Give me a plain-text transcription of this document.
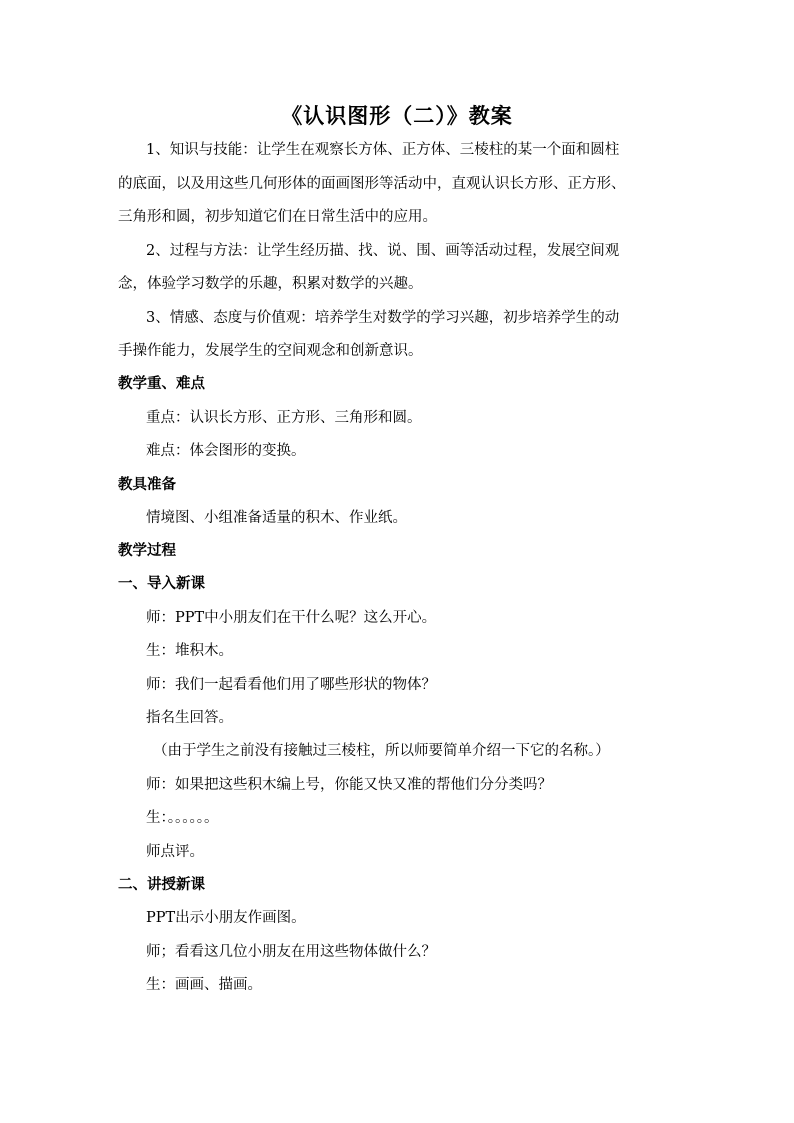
《认识图形（二）》教案
1、知识与技能：让学生在观察长方体、正方体、三棱柱的某一个面和圆柱
的底面，以及用这些几何形体的面画图形等活动中，直观认识长方形、正方形、
三角形和圆，初步知道它们在日常生活中的应用。
2、过程与方法：让学生经历描、找、说、围、画等活动过程，发展空间观
念，体验学习数学的乐趣，积累对数学的兴趣。
3、情感、态度与价值观：培养学生对数学的学习兴趣，初步培养学生的动
手操作能力，发展学生的空间观念和创新意识。
教学重、难点
重点：认识长方形、正方形、三角形和圆。
难点：体会图形的变换。
教具准备
情境图、小组准备适量的积木、作业纸。
教学过程
一、导入新课
师：PPT中小朋友们在干什么呢？这么开心。
生：堆积木。
师：我们一起看看他们用了哪些形状的物体？
指名生回答。
（由于学生之前没有接触过三棱柱，所以师要简单介绍一下它的名称。）
师：如果把这些积木编上号，你能又快又准的帮他们分分类吗？
生：。。。。。。
师点评。
二、讲授新课
PPT出示小朋友作画图。
师；看看这几位小朋友在用这些物体做什么？
生：画画、描画。
